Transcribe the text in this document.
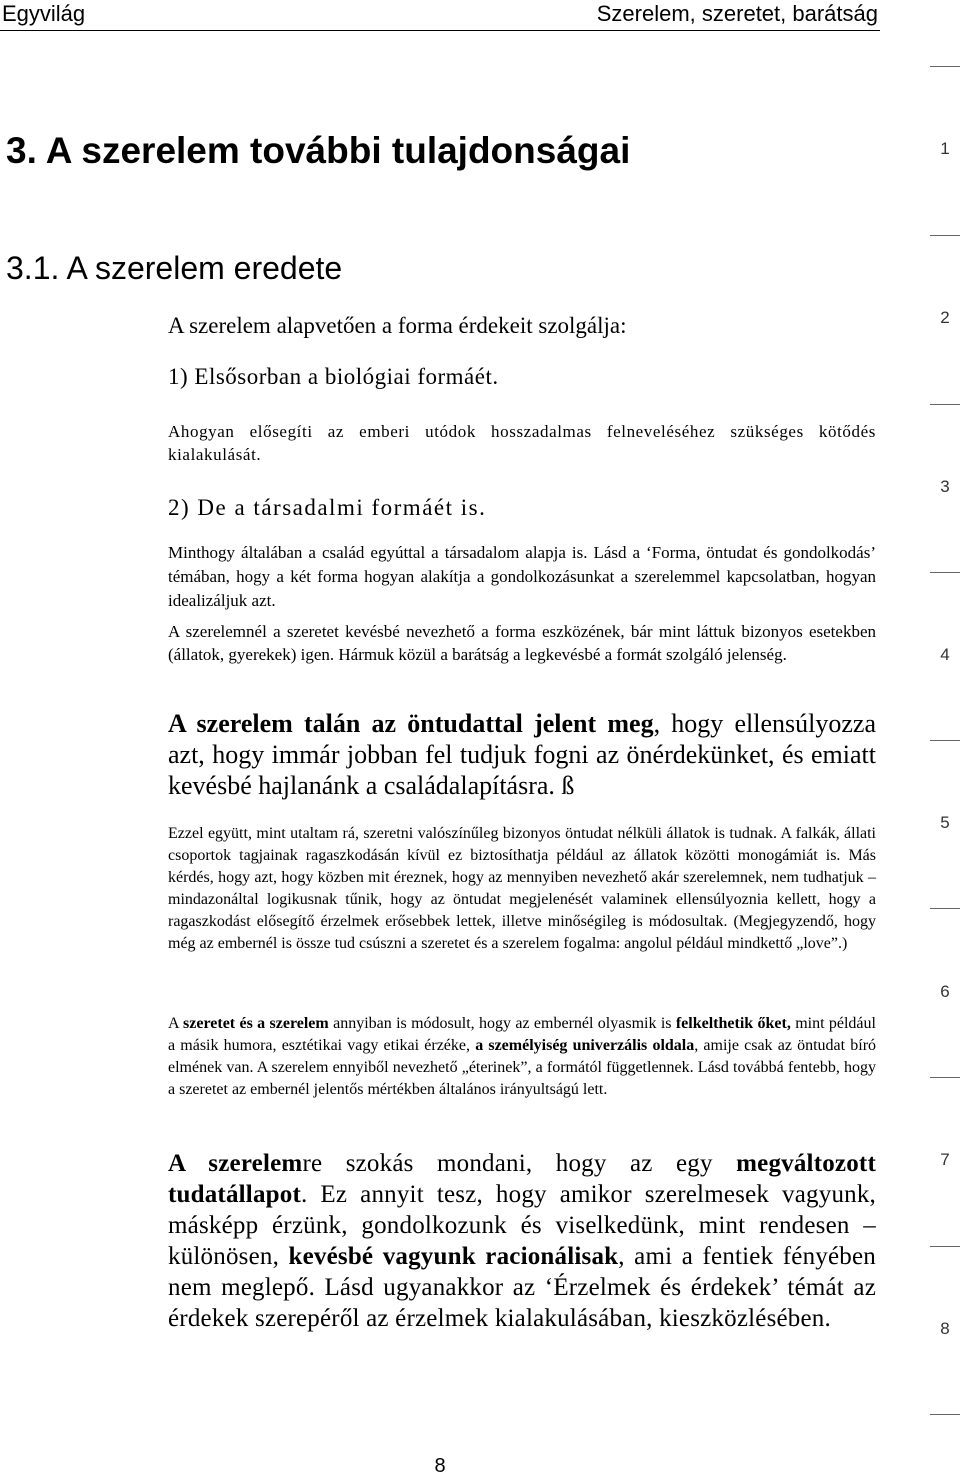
Egyvilág	Szerelem, szeretet, barátság
3. A szerelem további tulajdonságai
3.1. A szerelem eredete

A szerelem alapvetően a forma érdekeit szolgálja:

1) Elsősorban a biológiai formáét.

Ahogyan elősegíti az emberi utódok hosszadalmas felneveléséhez szükséges kötődés kialakulását.

2) De a társadalmi formáét is.

Minthogy általában a család egyúttal a társadalom alapja is. Lásd a ‘Forma, öntudat és gondolkodás’ témában, hogy a két forma hogyan alakítja a gondolkozásunkat a szerelemmel kapcsolatban, hogyan idealizáljuk azt.

A szerelemnél a szeretet kevésbé nevezhető a forma eszközének, bár mint láttuk bizonyos esetekben (állatok, gyerekek) igen. Hármuk közül a barátság a legkevésbé a formát szolgáló jelenség.

A szerelem talán az öntudattal jelent meg, hogy ellensúlyozza azt, hogy immár jobban fel tudjuk fogni az önérdekünket, és emiatt kevésbé hajlanánk a családalapításra. ß

Ezzel együtt, mint utaltam rá, szeretni valószínűleg bizonyos öntudat nélküli állatok is tudnak. A falkák, állati csoportok tagjainak ragaszkodásán kívül ez biztosíthatja például az állatok közötti monogámiát is. Más kérdés, hogy azt, hogy közben mit éreznek, hogy az mennyiben nevezhető akár szerelemnek, nem tudhatjuk – mindazonáltal logikusnak tűnik, hogy az öntudat megjelenését valaminek ellensúlyoznia kellett, hogy a ragaszkodást elősegítő érzelmek erősebbek lettek, illetve minőségileg is módosultak. (Megjegyzendő, hogy még az embernél is össze tud csúszni a szeretet és a szerelem fogalma: angolul például mindkettő „love”.)

A szeretet és a szerelem annyiban is módosult, hogy az embernél olyasmik is felkelthetik őket, mint például a másik humora, esztétikai vagy etikai érzéke, a személyiség univerzális oldala, amije csak az öntudat bíró elmének van. A szerelem ennyiből nevezhető „éterinek”, a formától függetlennek. Lásd továbbá fentebb, hogy a szeretet az embernél jelentős mértékben általános irányultságú lett.

A szerelemre szokás mondani, hogy az egy megváltozott tudatállapot. Ez annyit tesz, hogy amikor szerelmesek vagyunk, másképp érzünk, gondolkozunk és viselkedünk, mint rendesen – különösen, kevésbé vagyunk racionálisak, ami a fentiek fényében nem meglepő. Lásd ugyanakkor az ‘Érzelmek és érdekek’ témát az érdekek szerepéről az érzelmek kialakulásában, kieszközlésében.

1
2
3
4
5
6
7
8
8
